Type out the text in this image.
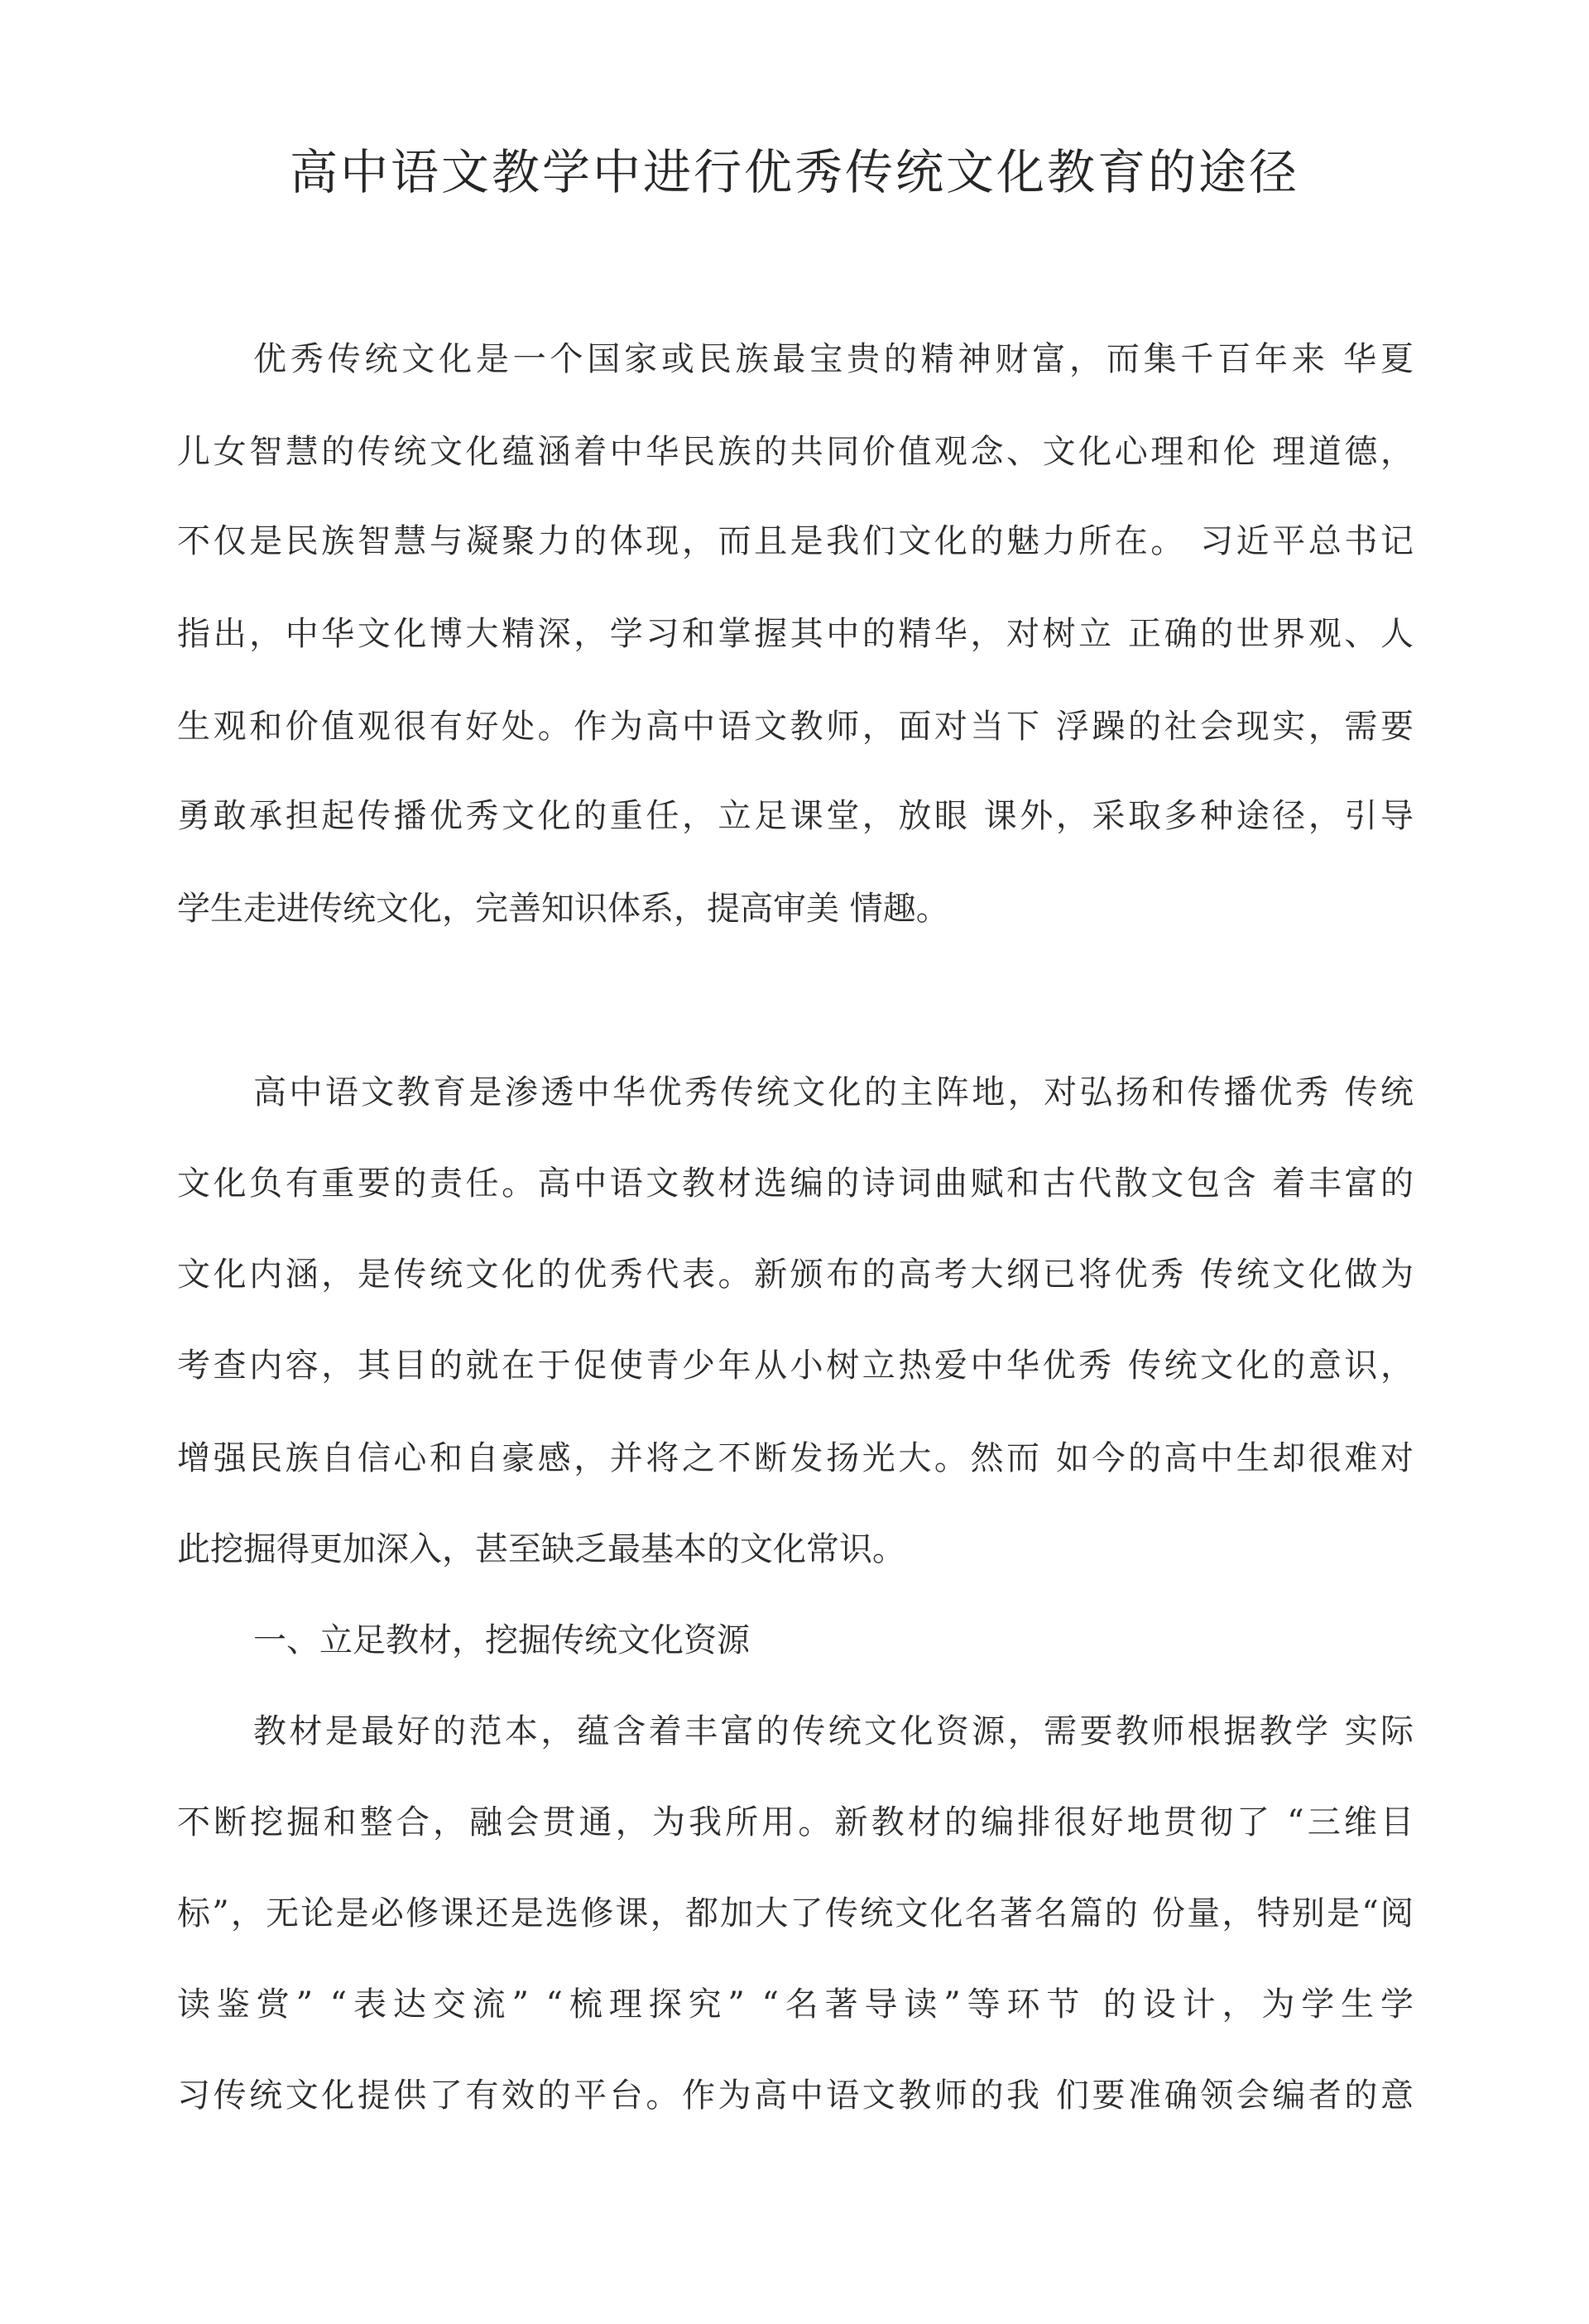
高中语文教学中进行优秀传统文化教育的途径
优秀传统文化是一个国家或民族最宝贵的精神财富，而集千百年来 华夏
儿女智慧的传统文化蕴涵着中华民族的共同价值观念、文化心理和伦 理道德，
不仅是民族智慧与凝聚力的体现，而且是我们文化的魅力所在。 习近平总书记
指出，中华文化博大精深，学习和掌握其中的精华，对树立 正确的世界观、人
生观和价值观很有好处。作为高中语文教师，面对当下 浮躁的社会现实，需要
勇敢承担起传播优秀文化的重任，立足课堂，放眼 课外，采取多种途径，引导
学生走进传统文化，完善知识体系，提高审美 情趣。
高中语文教育是渗透中华优秀传统文化的主阵地，对弘扬和传播优秀 传统
文化负有重要的责任。高中语文教材选编的诗词曲赋和古代散文包含 着丰富的
文化内涵，是传统文化的优秀代表。新颁布的高考大纲已将优秀 传统文化做为
考查内容，其目的就在于促使青少年从小树立热爱中华优秀 传统文化的意识，
增强民族自信心和自豪感，并将之不断发扬光大。然而 如今的高中生却很难对
此挖掘得更加深入，甚至缺乏最基本的文化常识。
一、立足教材，挖掘传统文化资源
教材是最好的范本，蕴含着丰富的传统文化资源，需要教师根据教学 实际
不断挖掘和整合，融会贯通，为我所用。新教材的编排很好地贯彻了 “三维目
标”，无论是必修课还是选修课，都加大了传统文化名著名篇的 份量，特别是“阅
读鉴赏” “表达交流” “梳理探究” “名著导读”等环节 的设计，为学生学
习传统文化提供了有效的平台。作为高中语文教师的我 们要准确领会编者的意
